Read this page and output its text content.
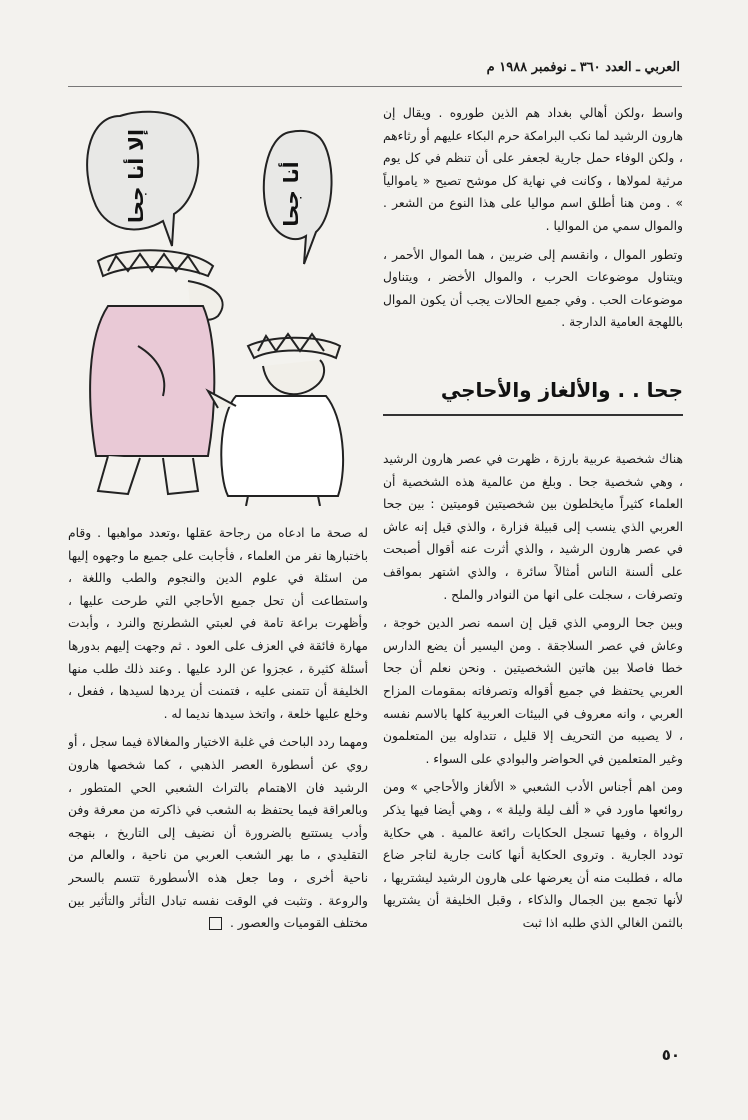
العربي ـ العدد ٣٦٠ ـ نوفمبر ١٩٨٨ م

واسط ،ولكن أهالي بغداد هم الذين طوروه . ويقال إن هارون الرشيد لما نكب البرامكة حرم البكاء عليهم أو رثاءهم ، ولكن الوفاء حمل جارية لجعفر على أن تنظم في كل يوم مرثية لمولاها ، وكانت في نهاية كل موشح تصيح « ياموالياً » . ومن هنا أطلق اسم مواليا على هذا النوع من الشعر . والموال سمي من المواليا .

وتطور الموال ، وانقسم إلى ضربين ، هما الموال الأحمر ، ويتناول موضوعات الحرب ، والموال الأخضر ، ويتناول موضوعات الحب . وفي جميع الحالات يجب أن يكون الموال باللهجة العامية الدارجة .

جحا . . والألغاز والأحاجي

هناك شخصية عربية بارزة ، ظهرت في عصر هارون الرشيد ، وهي شخصية جحا . وبلغ من عالمية هذه الشخصية أن العلماء كثيراً مايخلطون بين شخصيتين قوميتين : بين جحا العربي الذي ينسب إلى قبيلة فزارة ، والذي قيل إنه عاش في عصر هارون الرشيد ، والذي أثرت عنه أقوال أصبحت على ألسنة الناس أمثالاً سائرة ، والذي اشتهر بمواقف وتصرفات ، سجلت على انها من النوادر والملح .

وبين جحا الرومي الذي قيل إن اسمه نصر الدين خوجة ، وعاش في عصر السلاجقة . ومن اليسير أن يضع الدارس خطا فاصلا بين هاتين الشخصيتين . ونحن نعلم أن جحا العربي يحتفظ في جميع أقواله وتصرفاته بمقومات المزاح العربي ، وانه معروف في البيئات العربية كلها بالاسم نفسه ، لا يصيبه من التحريف إلا قليل ، تتداوله بين المتعلمون وغير المتعلمين في الحواضر والبوادي على السواء .

ومن اهم أجناس الأدب الشعبي « الألغاز والأحاجي » ومن روائعها ماورد في « ألف ليلة وليلة » ، وهي أيضا فيها يذكر الرواة ، وفيها تسجل الحكايات رائعة عالمية . هي حكاية تودد الجارية . وتروى الحكاية أنها كانت جارية لتاجر ضاع ماله ، فطلبت منه أن يعرضها على هارون الرشيد ليشتريها ، لأنها تجمع بين الجمال والذكاء ، وقبل الخليفة أن يشتريها بالثمن الغالي الذي طلبه اذا ثبت

له صحة ما ادعاه من رجاحة عقلها ،وتعدد مواهبها . وقام باختبارها نفر من العلماء ، فأجابت على جميع ما وجهوه إليها من اسئلة في علوم الدين والنجوم والطب واللغة ، واستطاعت أن تحل جميع الأحاجي التي طرحت عليها ، وأظهرت براعة تامة في لعبتي الشطرنج والنرد ، وأبدت مهارة فائقة في العزف على العود . ثم وجهت إليهم بدورها أسئلة كثيرة ، عجزوا عن الرد عليها . وعند ذلك طلب منها الخليفة أن تتمنى عليه ، فتمنت أن يردها لسيدها ، ففعل ، وخلع عليها خلعة ، واتخذ سيدها نديما له .

ومهما ردد الباحث في غلبة الاختيار والمغالاة فيما سجل ، أو روي عن أسطورة العصر الذهبي ، كما شخصها هارون الرشيد فان الاهتمام بالتراث الشعبي الحي المتطور ، وبالعراقة فيما يحتفظ به الشعب في ذاكرته من معرفة وفن وأدب يستتبع بالضرورة أن نضيف إلى التاريخ ، بنهجه التقليدي ، ما بهر الشعب العربي من ناحية ، والعالم من ناحية أخرى ، وما جعل هذه الأسطورة تتسم بالسحر والروعة . وتثبت في الوقت نفسه تبادل التأثر والتأثير بين مختلف القوميات والعصور .

إلا أنا جحا	أنا جحا
٥٠
